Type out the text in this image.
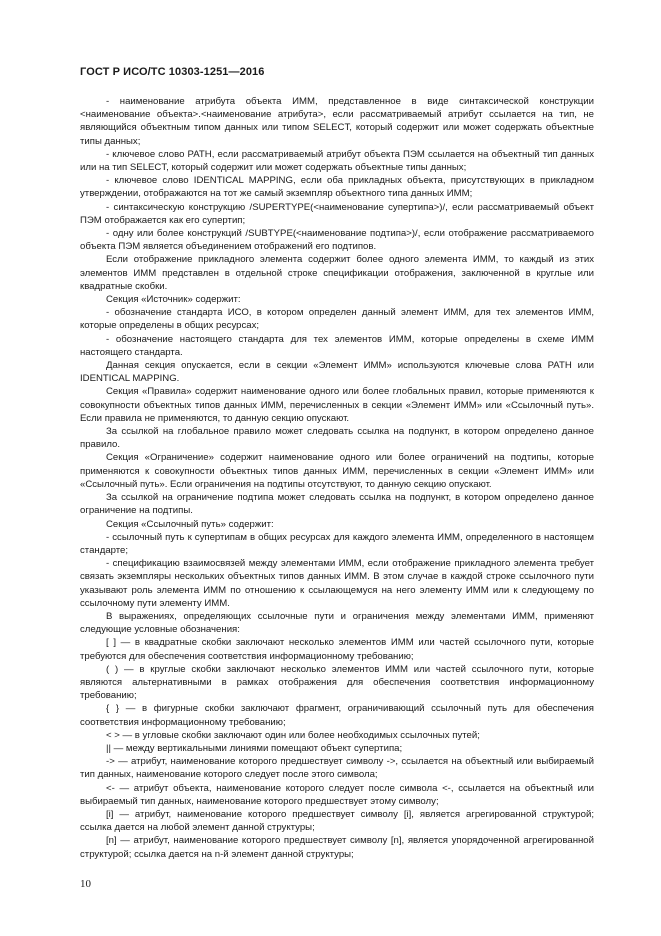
ГОСТ Р ИСО/ТС 10303-1251—2016

- наименование атрибута объекта ИММ, представленное в виде синтаксической конструкции <наименование объекта>.<наименование атрибута>, если рассматриваемый атрибут ссылается на тип, не являющийся объектным типом данных или типом SELECT, который содержит или может содержать объектные типы данных;

- ключевое слово PATH, если рассматриваемый атрибут объекта ПЭМ ссылается на объектный тип данных или на тип SELECT, который содержит или может содержать объектные типы данных;

- ключевое слово IDENTICAL MAPPING, если оба прикладных объекта, присутствующих в прикладном утверждении, отображаются на тот же самый экземпляр объектного типа данных ИММ;

- синтаксическую конструкцию /SUPERTYPE(<наименование супертипа>)/, если рассматриваемый объект ПЭМ отображается как его супертип;

- одну или более конструкций /SUBTYPE(<наименование подтипа>)/, если отображение рассматриваемого объекта ПЭМ является объединением отображений его подтипов.

Если отображение прикладного элемента содержит более одного элемента ИММ, то каждый из этих элементов ИММ представлен в отдельной строке спецификации отображения, заключенной в круглые или квадратные скобки.

Секция «Источник» содержит:

- обозначение стандарта ИСО, в котором определен данный элемент ИММ, для тех элементов ИММ, которые определены в общих ресурсах;

- обозначение настоящего стандарта для тех элементов ИММ, которые определены в схеме ИММ настоящего стандарта.

Данная секция опускается, если в секции «Элемент ИММ» используются ключевые слова PATH или IDENTICAL MAPPING.

Секция «Правила» содержит наименование одного или более глобальных правил, которые применяются к совокупности объектных типов данных ИММ, перечисленных в секции «Элемент ИММ» или «Ссылочный путь». Если правила не применяются, то данную секцию опускают.

За ссылкой на глобальное правило может следовать ссылка на подпункт, в котором определено данное правило.

Секция «Ограничение» содержит наименование одного или более ограничений на подтипы, которые применяются к совокупности объектных типов данных ИММ, перечисленных в секции «Элемент ИММ» или «Ссылочный путь». Если ограничения на подтипы отсутствуют, то данную секцию опускают.

За ссылкой на ограничение подтипа может следовать ссылка на подпункт, в котором определено данное ограничение на подтипы.

Секция «Ссылочный путь» содержит:

- ссылочный путь к супертипам в общих ресурсах для каждого элемента ИММ, определенного в настоящем стандарте;

- спецификацию взаимосвязей между элементами ИММ, если отображение прикладного элемента требует связать экземпляры нескольких объектных типов данных ИММ. В этом случае в каждой строке ссылочного пути указывают роль элемента ИММ по отношению к ссылающемуся на него элементу ИММ или к следующему по ссылочному пути элементу ИММ.

В выражениях, определяющих ссылочные пути и ограничения между элементами ИММ, применяют следующие условные обозначения:

[ ] — в квадратные скобки заключают несколько элементов ИММ или частей ссылочного пути, которые требуются для обеспечения соответствия информационному требованию;

( ) — в круглые скобки заключают несколько элементов ИММ или частей ссылочного пути, которые являются альтернативными в рамках отображения для обеспечения соответствия информационному требованию;

{ } — в фигурные скобки заключают фрагмент, ограничивающий ссылочный путь для обеспечения соответствия информационному требованию;

< > — в угловые скобки заключают один или более необходимых ссылочных путей;

|| — между вертикальными линиями помещают объект супертипа;

-> — атрибут, наименование которого предшествует символу ->, ссылается на объектный или выбираемый тип данных, наименование которого следует после этого символа;

<- — атрибут объекта, наименование которого следует после символа <-, ссылается на объектный или выбираемый тип данных, наименование которого предшествует этому символу;

[i] — атрибут, наименование которого предшествует символу [i], является агрегированной структурой; ссылка дается на любой элемент данной структуры;

[n] — атрибут, наименование которого предшествует символу [n], является упорядоченной агрегированной структурой; ссылка дается на n-й элемент данной структуры;

10
